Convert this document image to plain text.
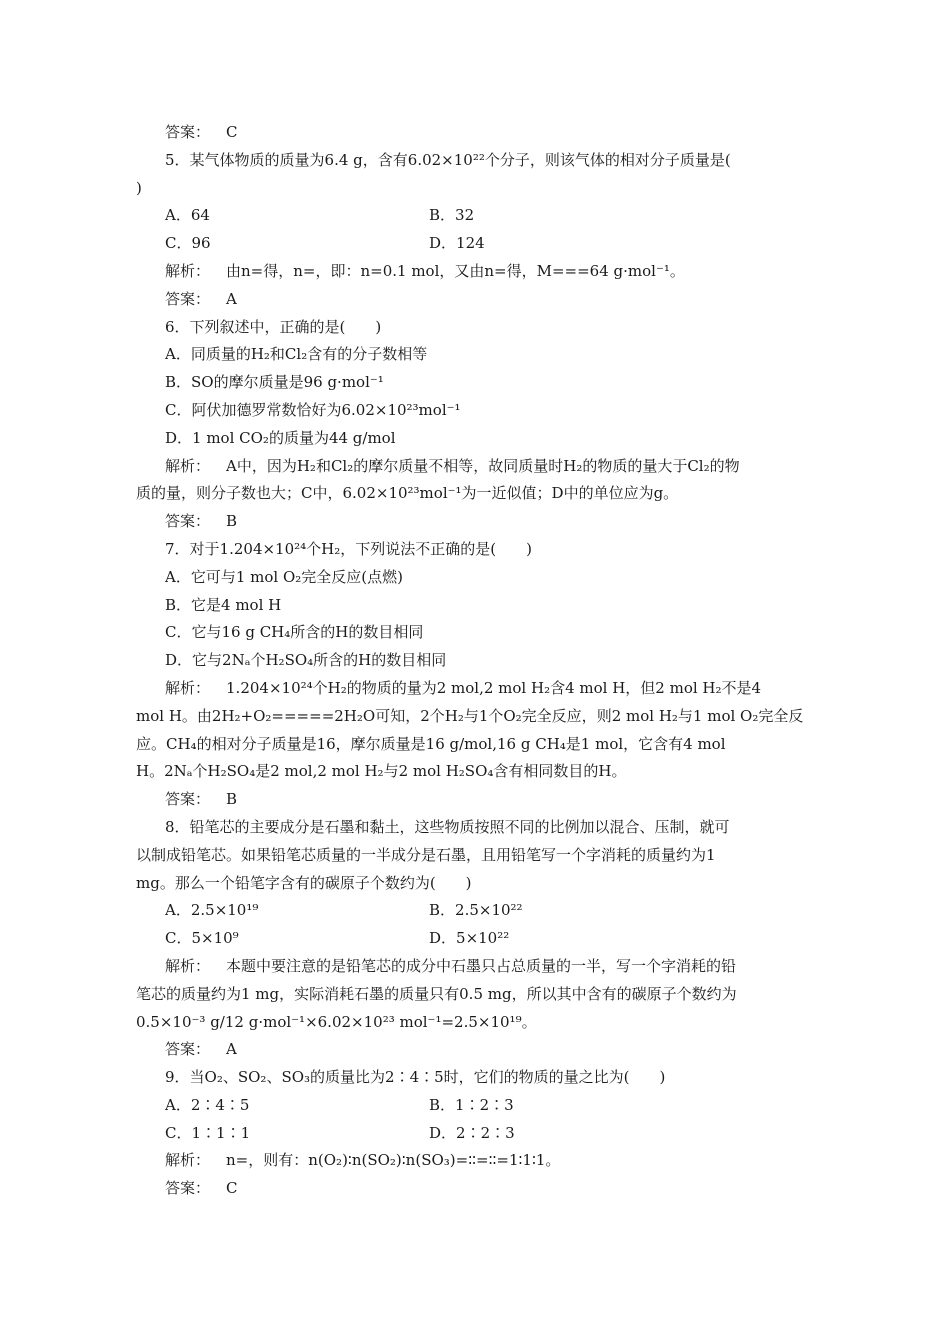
答案： C
5．某气体物质的质量为6.4 g，含有6.02×10²²个分子，则该气体的相对分子质量是(
)
A．64	B．32
C．96	D．124
解析： 由n=得，n=，即：n=0.1 mol，又由n=得，M===64 g·mol⁻¹。
答案： A
6．下列叙述中，正确的是(　　)
A．同质量的H₂和Cl₂含有的分子数相等
B．SO的摩尔质量是96 g·mol⁻¹
C．阿伏加德罗常数恰好为6.02×10²³mol⁻¹
D．1 mol CO₂的质量为44 g/mol
解析： A中，因为H₂和Cl₂的摩尔质量不相等，故同质量时H₂的物质的量大于Cl₂的物
质的量，则分子数也大；C中，6.02×10²³mol⁻¹为一近似值；D中的单位应为g。
答案： B
7．对于1.204×10²⁴个H₂，下列说法不正确的是(　　)
A．它可与1 mol O₂完全反应(点燃)
B．它是4 mol H
C．它与16 g CH₄所含的H的数目相同
D．它与2Nₐ个H₂SO₄所含的H的数目相同
解析： 1.204×10²⁴个H₂的物质的量为2 mol,2 mol H₂含4 mol H，但2 mol H₂不是4
mol H。由2H₂+O₂=====2H₂O可知，2个H₂与1个O₂完全反应，则2 mol H₂与1 mol O₂完全反
应。CH₄的相对分子质量是16，摩尔质量是16 g/mol,16 g CH₄是1 mol，它含有4 mol
H。2Nₐ个H₂SO₄是2 mol,2 mol H₂与2 mol H₂SO₄含有相同数目的H。
答案： B
8．铅笔芯的主要成分是石墨和黏土，这些物质按照不同的比例加以混合、压制，就可
以制成铅笔芯。如果铅笔芯质量的一半成分是石墨，且用铅笔写一个字消耗的质量约为1
mg。那么一个铅笔字含有的碳原子个数约为(　　)
A．2.5×10¹⁹	B．2.5×10²²
C．5×10⁹	D．5×10²²
解析： 本题中要注意的是铅笔芯的成分中石墨只占总质量的一半，写一个字消耗的铅
笔芯的质量约为1 mg，实际消耗石墨的质量只有0.5 mg，所以其中含有的碳原子个数约为
0.5×10⁻³ g/12 g·mol⁻¹×6.02×10²³ mol⁻¹=2.5×10¹⁹。
答案： A
9．当O₂、SO₂、SO₃的质量比为2∶4∶5时，它们的物质的量之比为(　　)
A．2∶4∶5	B．1∶2∶3
C．1∶1∶1	D．2∶2∶3
解析： n=，则有：n(O₂)∶n(SO₂)∶n(SO₃)=∶∶=∶∶=1∶1∶1。
答案： C
